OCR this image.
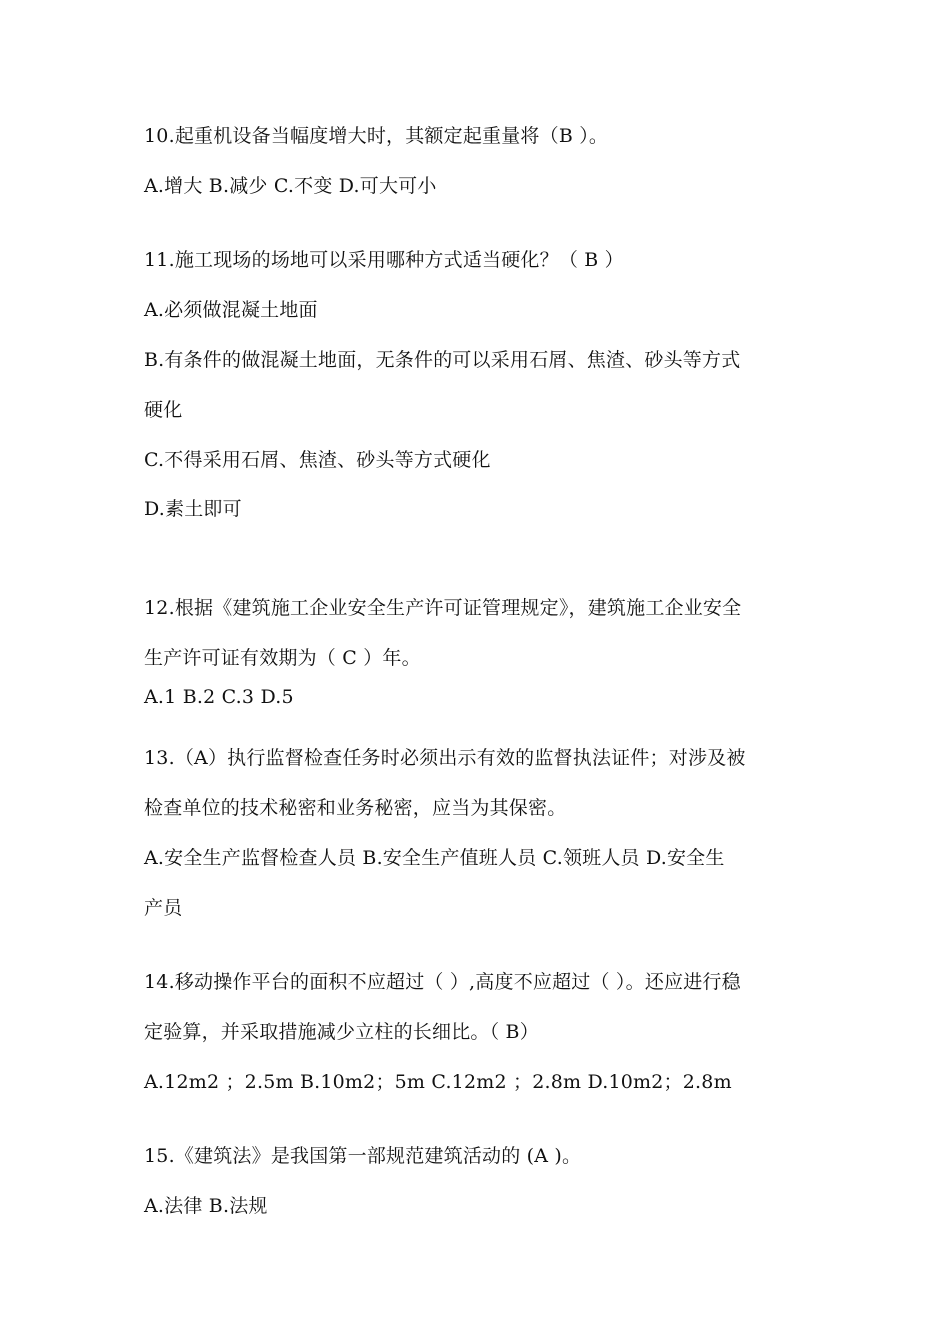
10.起重机设备当幅度增大时，其额定起重量将（B ）。
A.增大 B.减少 C.不变 D.可大可小
11.施工现场的场地可以采用哪种方式适当硬化？（ B ）
A.必须做混凝土地面
B.有条件的做混凝土地面，无条件的可以采用石屑、焦渣、砂头等方式
硬化
C.不得采用石屑、焦渣、砂头等方式硬化
D.素土即可
12.根据《建筑施工企业安全生产许可证管理规定》，建筑施工企业安全
生产许可证有效期为（ C ）年。
A.1 B.2 C.3 D.5
13.（A）执行监督检查任务时必须出示有效的监督执法证件；对涉及被
检查单位的技术秘密和业务秘密，应当为其保密。
A.安全生产监督检查人员 B.安全生产值班人员 C.领班人员 D.安全生
产员
14.移动操作平台的面积不应超过（ ）,高度不应超过（ ）。还应进行稳
定验算，并采取措施减少立柱的长细比。（ B）
A.12m2 ；2.5m B.10m2；5m C.12m2 ；2.8m D.10m2；2.8m
15.《建筑法》是我国第一部规范建筑活动的 (A )。
A.法律 B.法规
